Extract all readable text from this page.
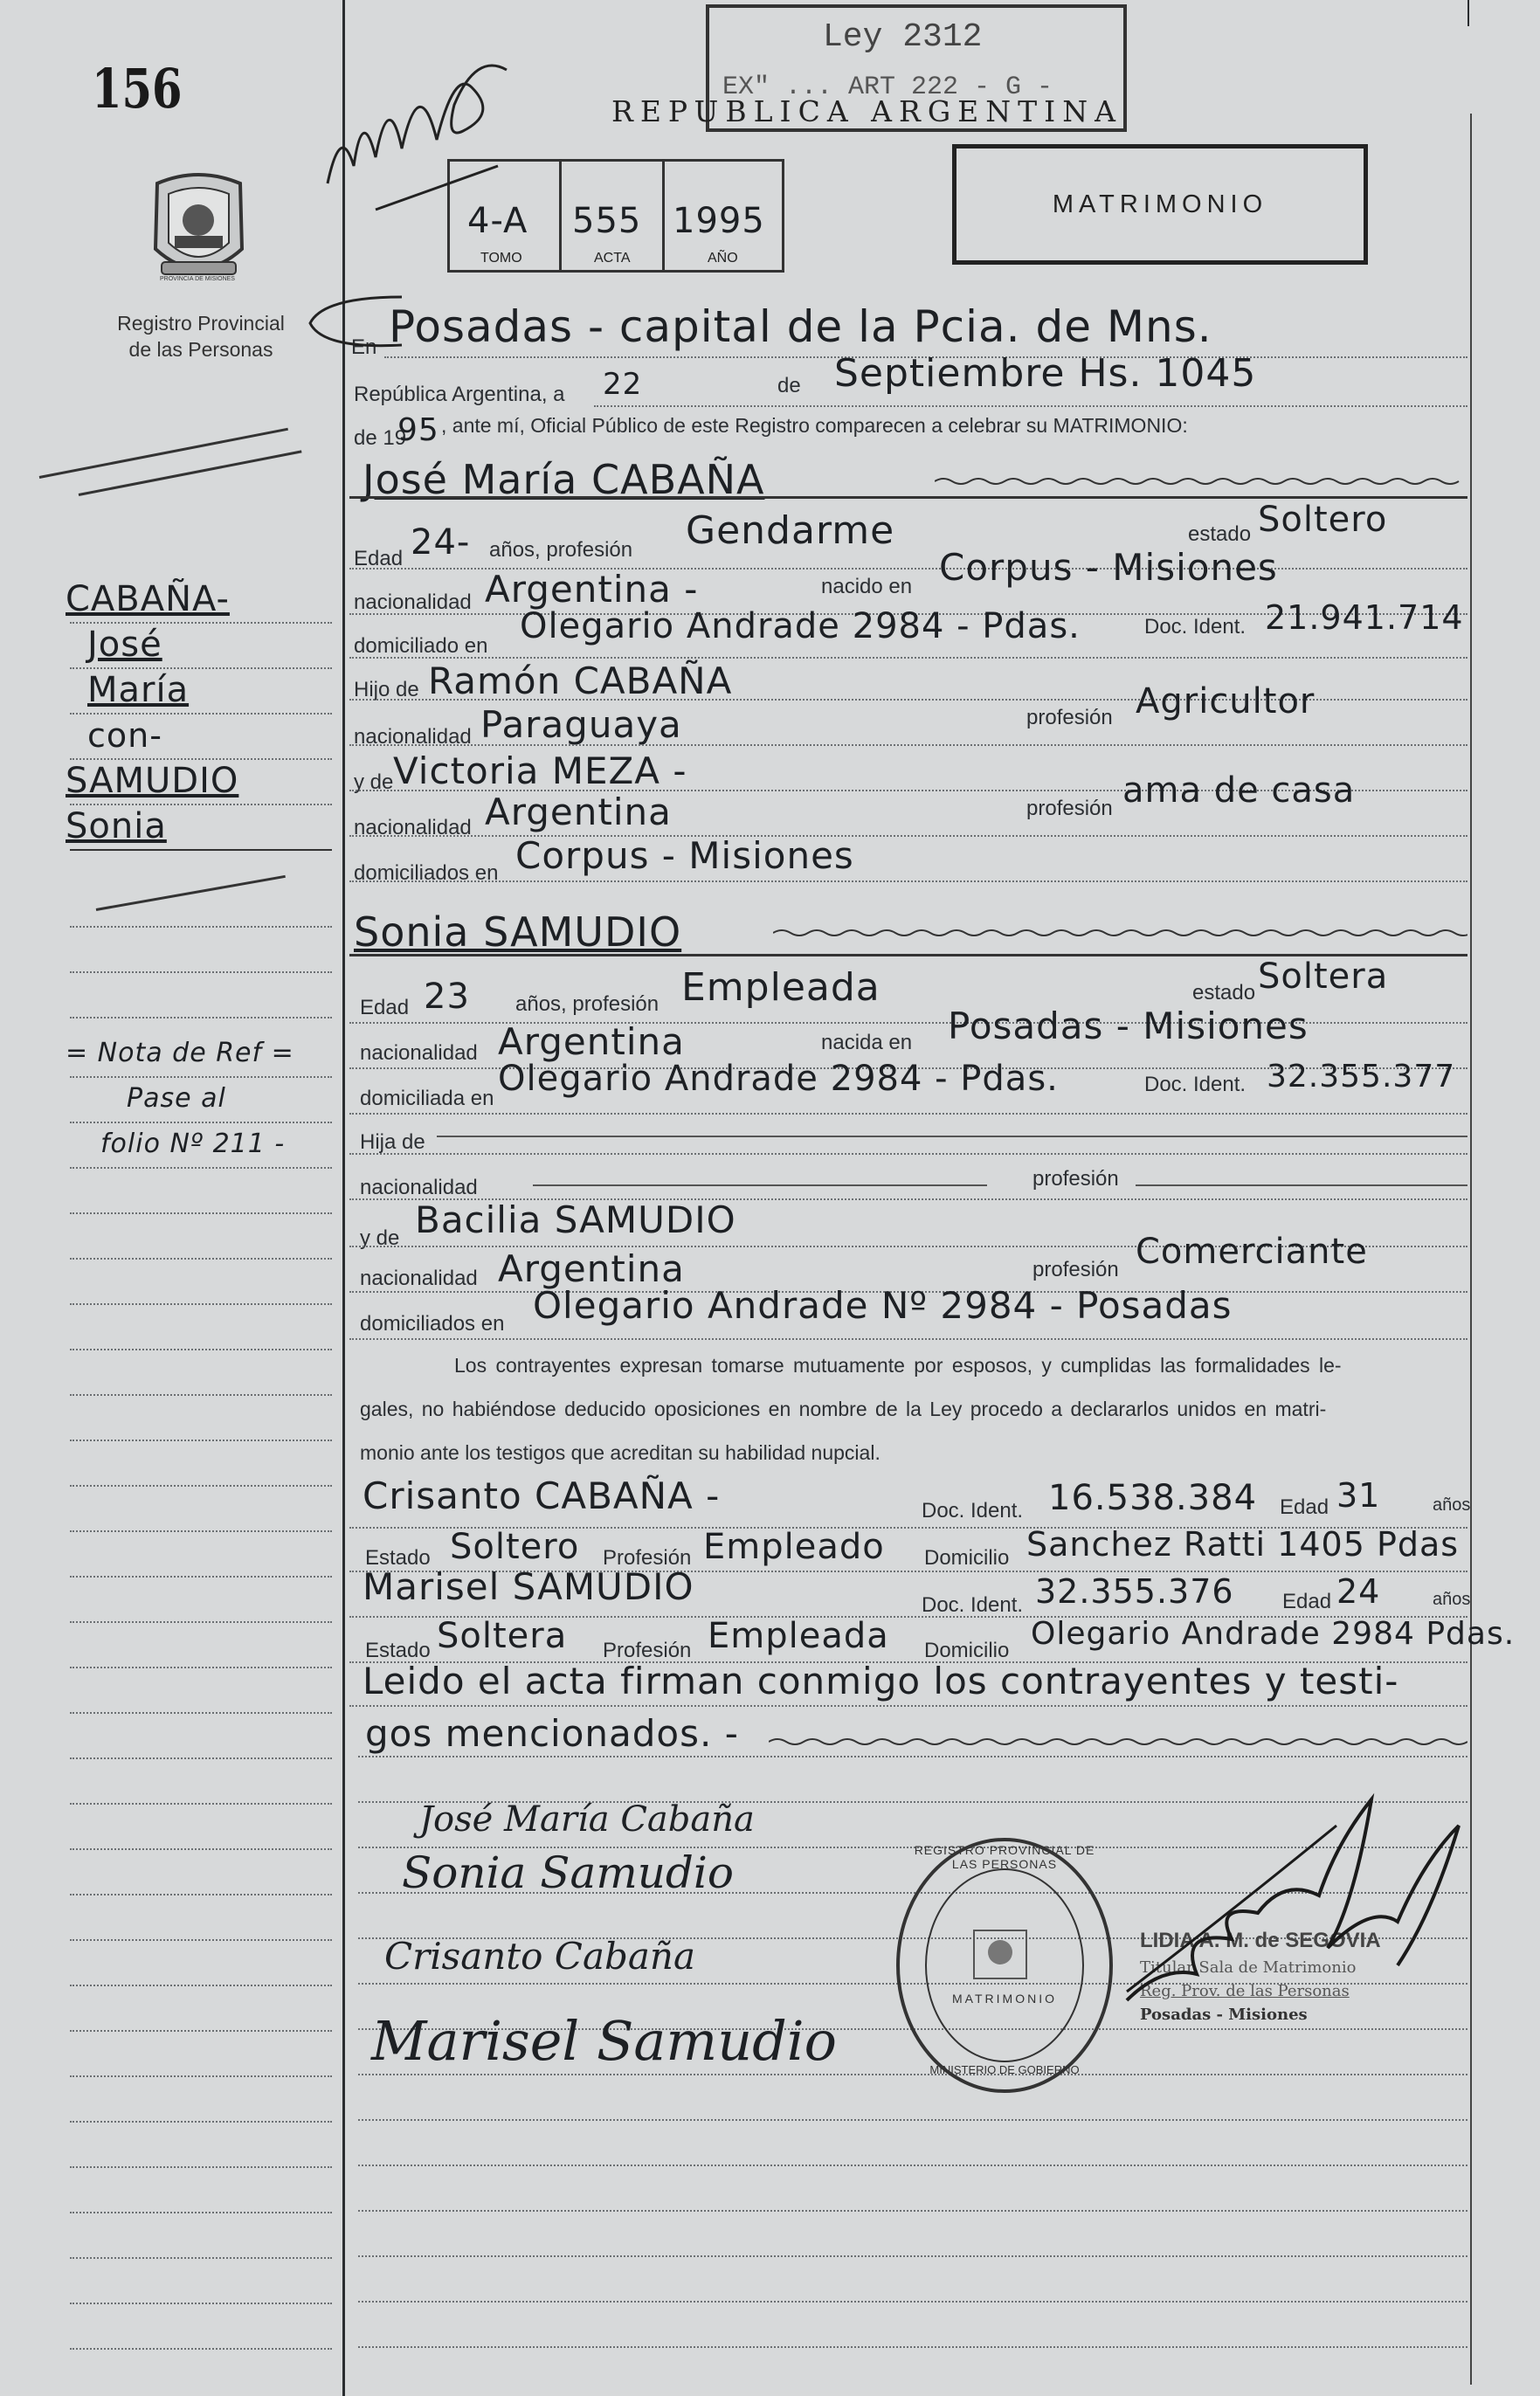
156
PROVINCIA DE MISIONES
Registro Provincial
de las Personas
Ley 2312
EX" ... ART 222 - G -
REPUBLICA ARGENTINA
4-A 555 1995
TOMO	ACTA	AÑO
MATRIMONIO
En Posadas - capital de la Pcia. de Mns.
República Argentina, a 22	de Septiembre Hs. 1045
de 19
95 , ante mí, Oficial Público de este Registro comparecen a celebrar su MATRIMONIO:
José María CABAÑA
Edad 24- años, profesión Gendarme	estado Soltero
nacionalidad Argentina -	nacido en Corpus - Misiones
domiciliado en Olegario Andrade 2984 - Pdas.	Doc. Ident. 21.941.714
Hijo de Ramón CABAÑA
nacionalidad Paraguaya	profesión Agricultor
y de Victoria MEZA -
nacionalidad Argentina	profesión ama de casa
domiciliados en Corpus - Misiones
Sonia SAMUDIO
Edad 23 años, profesión Empleada	estado Soltera
nacionalidad Argentina	nacida en Posadas - Misiones
domiciliada en Olegario Andrade 2984 - Pdas.	Doc. Ident. 32.355.377
Hija de
nacionalidad	profesión
y de Bacilia SAMUDIO
nacionalidad Argentina	profesión Comerciante
domiciliados en Olegario Andrade Nº 2984 - Posadas
Los contrayentes expresan tomarse mutuamente por esposos, y cumplidas las formalidades le-
gales, no habiéndose deducido oposiciones en nombre de la Ley procedo a declararlos unidos en matri-
monio ante los testigos que acreditan su habilidad nupcial.
Crisanto CABAÑA -	Doc. Ident. 16.538.384 Edad 31	años
Estado Soltero Profesión Empleado Domicilio Sanchez Ratti 1405 Pdas
Marisel SAMUDIO	Doc. Ident. 32.355.376 Edad 24	años
Estado Soltera Profesión Empleada Domicilio Olegario Andrade 2984 Pdas.
Leido el acta firman conmigo los contrayentes y testi-
gos mencionados. -
José María Cabaña
Sonia Samudio
Crisanto Cabaña
Marisel Samudio
REGISTRO PROVINCIAL DE LAS PERSONAS
MATRIMONIO
MINISTERIO DE GOBIERNO
LIDIA A. M. de SEGOVIA
Titular Sala de Matrimonio
Reg. Prov. de las Personas
Posadas - Misiones
CABAÑA-
José
María
con-
SAMUDIO
Sonia
= Nota de Ref =
Pase al
folio Nº 211 -
